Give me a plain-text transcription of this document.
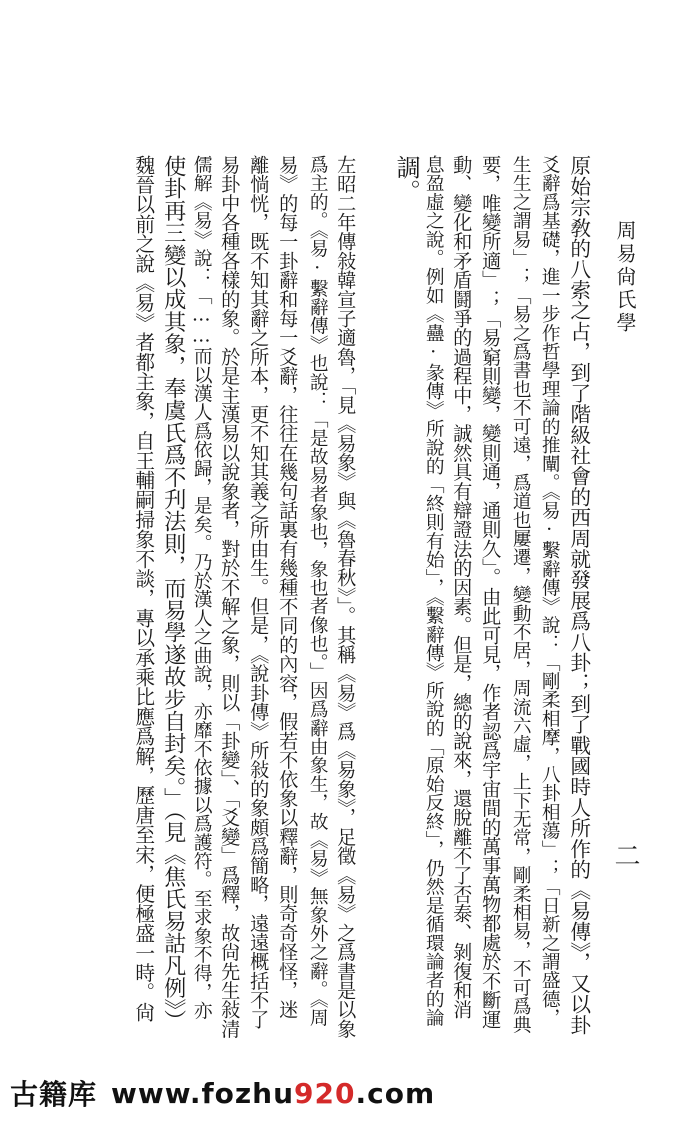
周易尙氏學
二
原始宗敎的八索之占，到了階級社會的西周就發展爲八卦；到了戰國時人所作的《易傳》，又以卦
爻辭爲基礎，進一步作哲學理論的推闡。《易·繫辭傳》說：「剛柔相摩，八卦相蕩」；「日新之謂盛德，
生生之謂易」；「易之爲書也不可遠，爲道也屢遷，變動不居，周流六虛，上下无常，剛柔相易，不可爲典
要，唯變所適」；「易窮則變，變則通，通則久」。由此可見，作者認爲宇宙間的萬事萬物都處於不斷運
動、變化和矛盾鬪爭的過程中，誠然具有辯證法的因素。但是，總的說來，還脫離不了否泰、剝復和消
息盈虛之說。例如《蠱·彖傳》所說的「終則有始」，《繫辭傳》所說的「原始反終」，仍然是循環論者的論
調。
左昭二年傳敍韓宣子適魯，「見《易象》與《魯春秋》」。其稱《易》爲《易象》，足徵《易》之爲書是以象
爲主的。《易·繫辭傳》也說：「是故易者象也，象也者像也。」因爲辭由象生，故《易》無象外之辭。《周
易》的每一卦辭和每一爻辭，往往在幾句話裏有幾種不同的內容，假若不依象以釋辭，則奇奇怪怪，迷
離惝恍，既不知其辭之所本，更不知其義之所由生。但是，《說卦傳》所敍的象頗爲簡略，遠遠概括不了
易卦中各種各樣的象。於是主漢易以說象者，對於不解之象，則以「卦變」、「爻變」爲釋，故尙先生敍清
儒解《易》說：「……而以漢人爲依歸，是矣。乃於漢人之曲說，亦靡不依據以爲護符。至求象不得，亦
使卦再三變以成其象，奉虞氏爲不刋法則，而易學遂故步自封矣。」（見《焦氏易詁凡例》）
魏晉以前之說《易》者都主象，自王輔嗣掃象不談，專以承乘比應爲解，歷唐至宋，便極盛一時。尙
古籍库 www.fozhu 920 .com
